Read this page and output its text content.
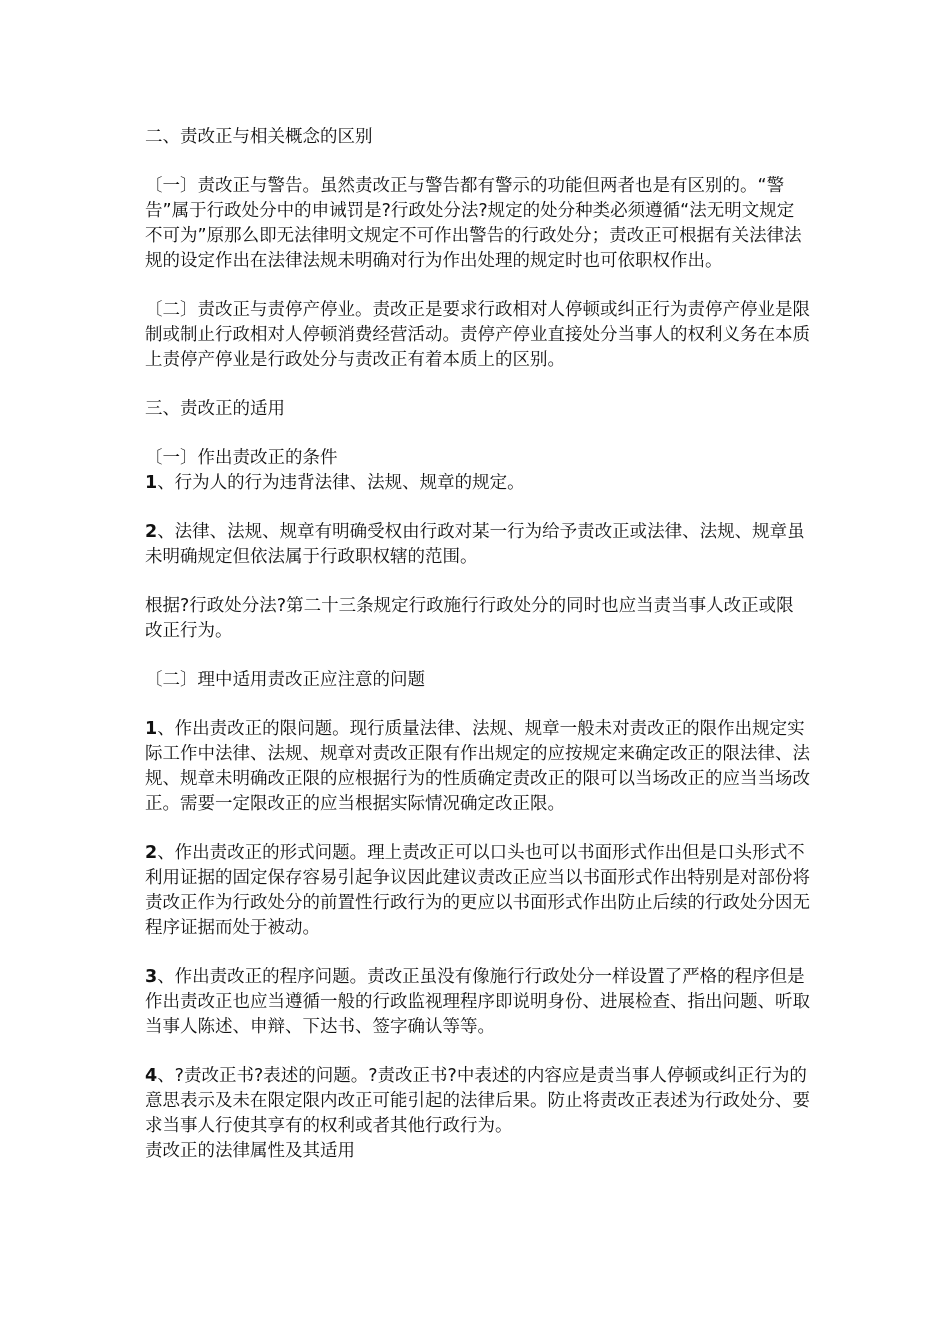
二、责改正与相关概念的区别

〔一〕责改正与警告。虽然责改正与警告都有警示的功能但两者也是有区别的。“警告”属于行政处分中的申诫罚是?行政处分法?规定的处分种类必须遵循“法无明文规定不可为”原那么即无法律明文规定不可作出警告的行政处分；责改正可根据有关法律法规的设定作出在法律法规未明确对行为作出处理的规定时也可依职权作出。

〔二〕责改正与责停产停业。责改正是要求行政相对人停顿或纠正行为责停产停业是限制或制止行政相对人停顿消费经营活动。责停产停业直接处分当事人的权利义务在本质上责停产停业是行政处分与责改正有着本质上的区别。

三、责改正的适用

〔一〕作出责改正的条件

1、行为人的行为违背法律、法规、规章的规定。

2、法律、法规、规章有明确受权由行政对某一行为给予责改正或法律、法规、规章虽未明确规定但依法属于行政职权辖的范围。

根据?行政处分法?第二十三条规定行政施行行政处分的同时也应当责当事人改正或限改正行为。

〔二〕理中适用责改正应注意的问题

1、作出责改正的限问题。现行质量法律、法规、规章一般未对责改正的限作出规定实际工作中法律、法规、规章对责改正限有作出规定的应按规定来确定改正的限法律、法规、规章未明确改正限的应根据行为的性质确定责改正的限可以当场改正的应当当场改正。需要一定限改正的应当根据实际情况确定改正限。

2、作出责改正的形式问题。理上责改正可以口头也可以书面形式作出但是口头形式不利用证据的固定保存容易引起争议因此建议责改正应当以书面形式作出特别是对部份将责改正作为行政处分的前置性行政行为的更应以书面形式作出防止后续的行政处分因无程序证据而处于被动。

3、作出责改正的程序问题。责改正虽没有像施行行政处分一样设置了严格的程序但是作出责改正也应当遵循一般的行政监视理程序即说明身份、进展检查、指出问题、听取当事人陈述、申辩、下达书、签字确认等等。

4、?责改正书?表述的问题。?责改正书?中表述的内容应是责当事人停顿或纠正行为的意思表示及未在限定限内改正可能引起的法律后果。防止将责改正表述为行政处分、要求当事人行使其享有的权利或者其他行政行为。

责改正的法律属性及其适用
